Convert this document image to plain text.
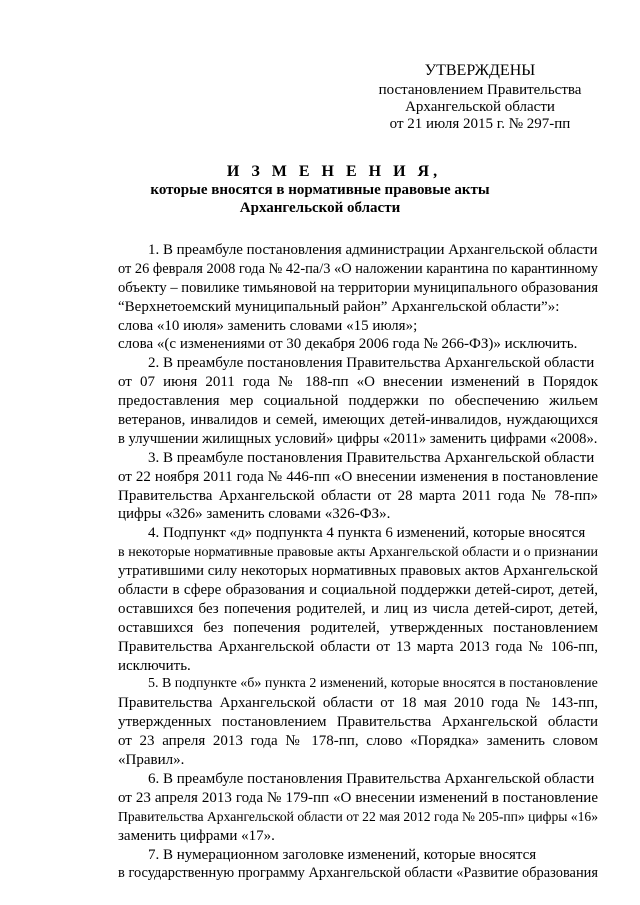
УТВЕРЖДЕНЫ
постановлением Правительства
Архангельской области
от 21 июля 2015 г. № 297-пп
И З М Е Н Е Н И Я,
которые вносятся в нормативные правовые акты
Архангельской области
1. В преамбуле постановления администрации Архангельской области
от 26 февраля 2008 года № 42-па/3 «О наложении карантина по карантинному
объекту – повилике тимьяновой на территории муниципального образования
“Верхнетоемский муниципальный район” Архангельской области”»:
слова «10 июля» заменить словами «15 июля»;
слова «(с изменениями от 30 декабря 2006 года № 266-ФЗ)» исключить.
2. В преамбуле постановления Правительства Архангельской области
от 07 июня 2011 года № 188-пп «О внесении изменений в Порядок
предоставления мер социальной поддержки по обеспечению жильем
ветеранов, инвалидов и семей, имеющих детей-инвалидов, нуждающихся
в улучшении жилищных условий» цифры «2011» заменить цифрами «2008».
3. В преамбуле постановления Правительства Архангельской области
от 22 ноября 2011 года № 446-пп «О внесении изменения в постановление
Правительства Архангельской области от 28 марта 2011 года № 78-пп»
цифры «326» заменить словами «326-ФЗ».
4. Подпункт «д» подпункта 4 пункта 6 изменений, которые вносятся
в некоторые нормативные правовые акты Архангельской области и о признании
утратившими силу некоторых нормативных правовых актов Архангельской
области в сфере образования и социальной поддержки детей-сирот, детей,
оставшихся без попечения родителей, и лиц из числа детей-сирот, детей,
оставшихся без попечения родителей, утвержденных постановлением
Правительства Архангельской области от 13 марта 2013 года № 106-пп,
исключить.
5. В подпункте «б» пункта 2 изменений, которые вносятся в постановление
Правительства Архангельской области от 18 мая 2010 года № 143-пп,
утвержденных постановлением Правительства Архангельской области
от 23 апреля 2013 года № 178-пп, слово «Порядка» заменить словом
«Правил».
6. В преамбуле постановления Правительства Архангельской области
от 23 апреля 2013 года № 179-пп «О внесении изменений в постановление
Правительства Архангельской области от 22 мая 2012 года № 205-пп» цифры «16»
заменить цифрами «17».
7. В нумерационном заголовке изменений, которые вносятся
в государственную программу Архангельской области «Развитие образования
